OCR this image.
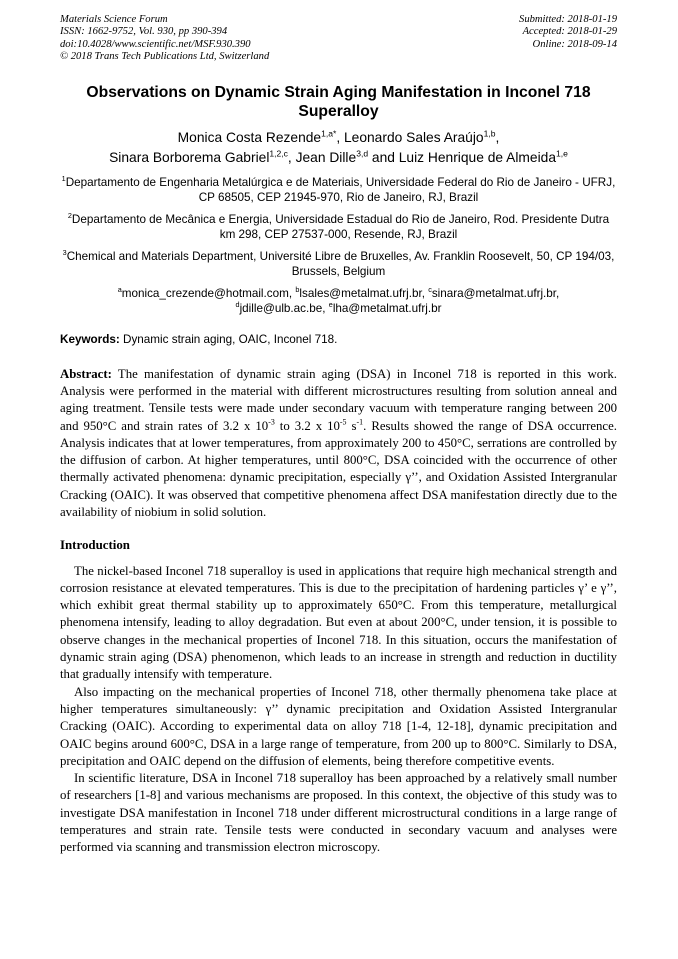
Materials Science Forum
ISSN: 1662-9752, Vol. 930, pp 390-394
doi:10.4028/www.scientific.net/MSF.930.390
© 2018 Trans Tech Publications Ltd, Switzerland
Submitted: 2018-01-19
Accepted: 2018-01-29
Online: 2018-09-14
Observations on Dynamic Strain Aging Manifestation in Inconel 718 Superalloy
Monica Costa Rezende$^{1,a*}$, Leonardo Sales Araújo$^{1,b}$,
Sinara Borborema Gabriel$^{1,2,c}$, Jean Dille$^{3,d}$ and Luiz Henrique de Almeida$^{1,e}$

$^1$Departamento de Engenharia Metalúrgica e de Materiais, Universidade Federal do Rio de Janeiro - UFRJ, CP 68505, CEP 21945-970, Rio de Janeiro, RJ, Brazil

$^2$Departamento de Mecânica e Energia, Universidade Estadual do Rio de Janeiro, Rod. Presidente Dutra km 298, CEP 27537-000, Resende, RJ, Brazil

$^3$Chemical and Materials Department, Université Libre de Bruxelles, Av. Franklin Roosevelt, 50, CP 194/03, Brussels, Belgium

$^a$monica_crezende@hotmail.com, $^b$lsales@metalmat.ufrj.br, $^c$sinara@metalmat.ufrj.br,
$^d$jdille@ulb.ac.be, $^e$lha@metalmat.ufrj.br

Keywords: Dynamic strain aging, OAIC, Inconel 718.

Abstract: The manifestation of dynamic strain aging (DSA) in Inconel 718 is reported in this work. Analysis were performed in the material with different microstructures resulting from solution anneal and aging treatment. Tensile tests were made under secondary vacuum with temperature ranging between 200 and 950°C and strain rates of 3.2 x $10^{-3}$ to 3.2 x $10^{-5}$ $s^{-1}$. Results showed the range of DSA occurrence. Analysis indicates that at lower temperatures, from approximately 200 to 450°C, serrations are controlled by the diffusion of carbon. At higher temperatures, until 800°C, DSA coincided with the occurrence of other thermally activated phenomena: dynamic precipitation, especially γ’’, and Oxidation Assisted Intergranular Cracking (OAIC). It was observed that competitive phenomena affect DSA manifestation directly due to the availability of niobium in solid solution.

Introduction

The nickel-based Inconel 718 superalloy is used in applications that require high mechanical strength and corrosion resistance at elevated temperatures. This is due to the precipitation of hardening particles γ’ e γ’’, which exhibit great thermal stability up to approximately 650°C. From this temperature, metallurgical phenomena intensify, leading to alloy degradation. But even at about 200°C, under tension, it is possible to observe changes in the mechanical properties of Inconel 718. In this situation, occurs the manifestation of dynamic strain aging (DSA) phenomenon, which leads to an increase in strength and reduction in ductility that gradually intensify with temperature.

Also impacting on the mechanical properties of Inconel 718, other thermally phenomena take place at higher temperatures simultaneously: γ’’ dynamic precipitation and Oxidation Assisted Intergranular Cracking (OAIC). According to experimental data on alloy 718 [1-4, 12-18], dynamic precipitation and OAIC begins around 600°C, DSA in a large range of temperature, from 200 up to 800°C. Similarly to DSA, precipitation and OAIC depend on the diffusion of elements, being therefore competitive events.

In scientific literature, DSA in Inconel 718 superalloy has been approached by a relatively small number of researchers [1-8] and various mechanisms are proposed. In this context, the objective of this study was to investigate DSA manifestation in Inconel 718 under different microstructural conditions in a large range of temperatures and strain rate. Tensile tests were conducted in secondary vacuum and analyses were performed via scanning and transmission electron microscopy.
